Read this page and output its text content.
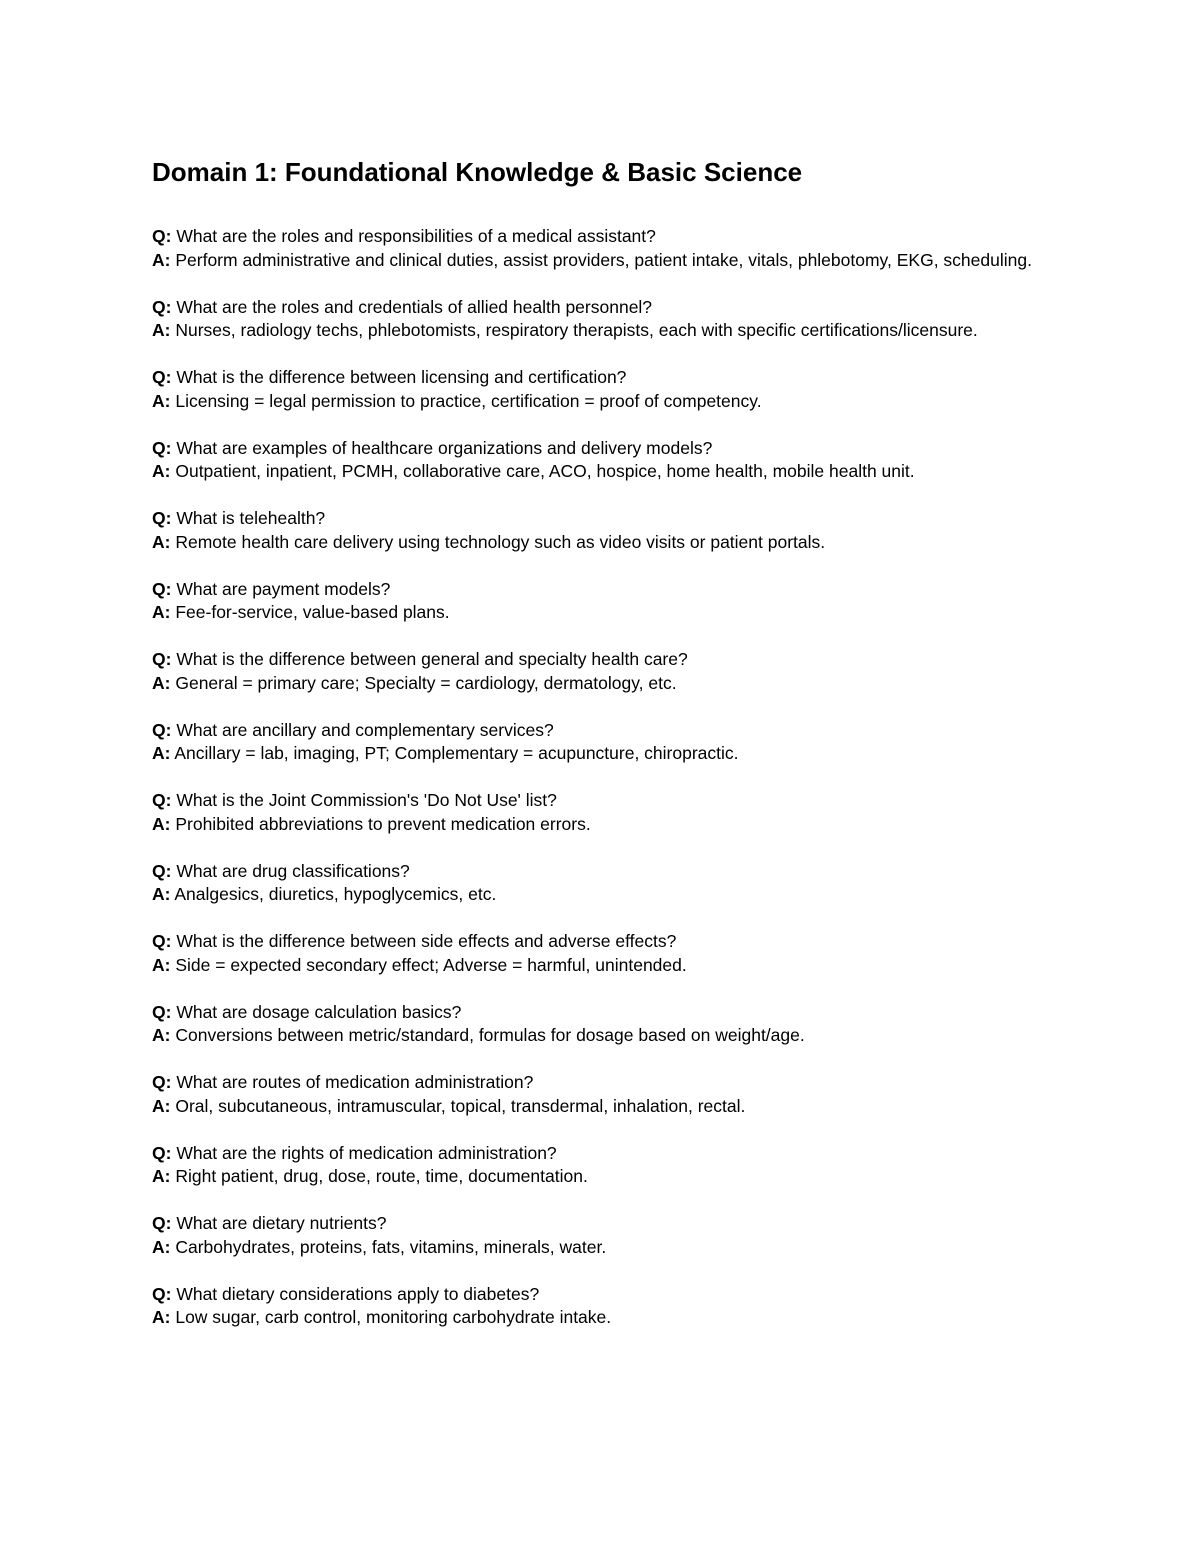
Domain 1: Foundational Knowledge & Basic Science
Q: What are the roles and responsibilities of a medical assistant?
A: Perform administrative and clinical duties, assist providers, patient intake, vitals, phlebotomy, EKG, scheduling.
Q: What are the roles and credentials of allied health personnel?
A: Nurses, radiology techs, phlebotomists, respiratory therapists, each with specific certifications/licensure.
Q: What is the difference between licensing and certification?
A: Licensing = legal permission to practice, certification = proof of competency.
Q: What are examples of healthcare organizations and delivery models?
A: Outpatient, inpatient, PCMH, collaborative care, ACO, hospice, home health, mobile health unit.
Q: What is telehealth?
A: Remote health care delivery using technology such as video visits or patient portals.
Q: What are payment models?
A: Fee-for-service, value-based plans.
Q: What is the difference between general and specialty health care?
A: General = primary care; Specialty = cardiology, dermatology, etc.
Q: What are ancillary and complementary services?
A: Ancillary = lab, imaging, PT; Complementary = acupuncture, chiropractic.
Q: What is the Joint Commission's 'Do Not Use' list?
A: Prohibited abbreviations to prevent medication errors.
Q: What are drug classifications?
A: Analgesics, diuretics, hypoglycemics, etc.
Q: What is the difference between side effects and adverse effects?
A: Side = expected secondary effect; Adverse = harmful, unintended.
Q: What are dosage calculation basics?
A: Conversions between metric/standard, formulas for dosage based on weight/age.
Q: What are routes of medication administration?
A: Oral, subcutaneous, intramuscular, topical, transdermal, inhalation, rectal.
Q: What are the rights of medication administration?
A: Right patient, drug, dose, route, time, documentation.
Q: What are dietary nutrients?
A: Carbohydrates, proteins, fats, vitamins, minerals, water.
Q: What dietary considerations apply to diabetes?
A: Low sugar, carb control, monitoring carbohydrate intake.
